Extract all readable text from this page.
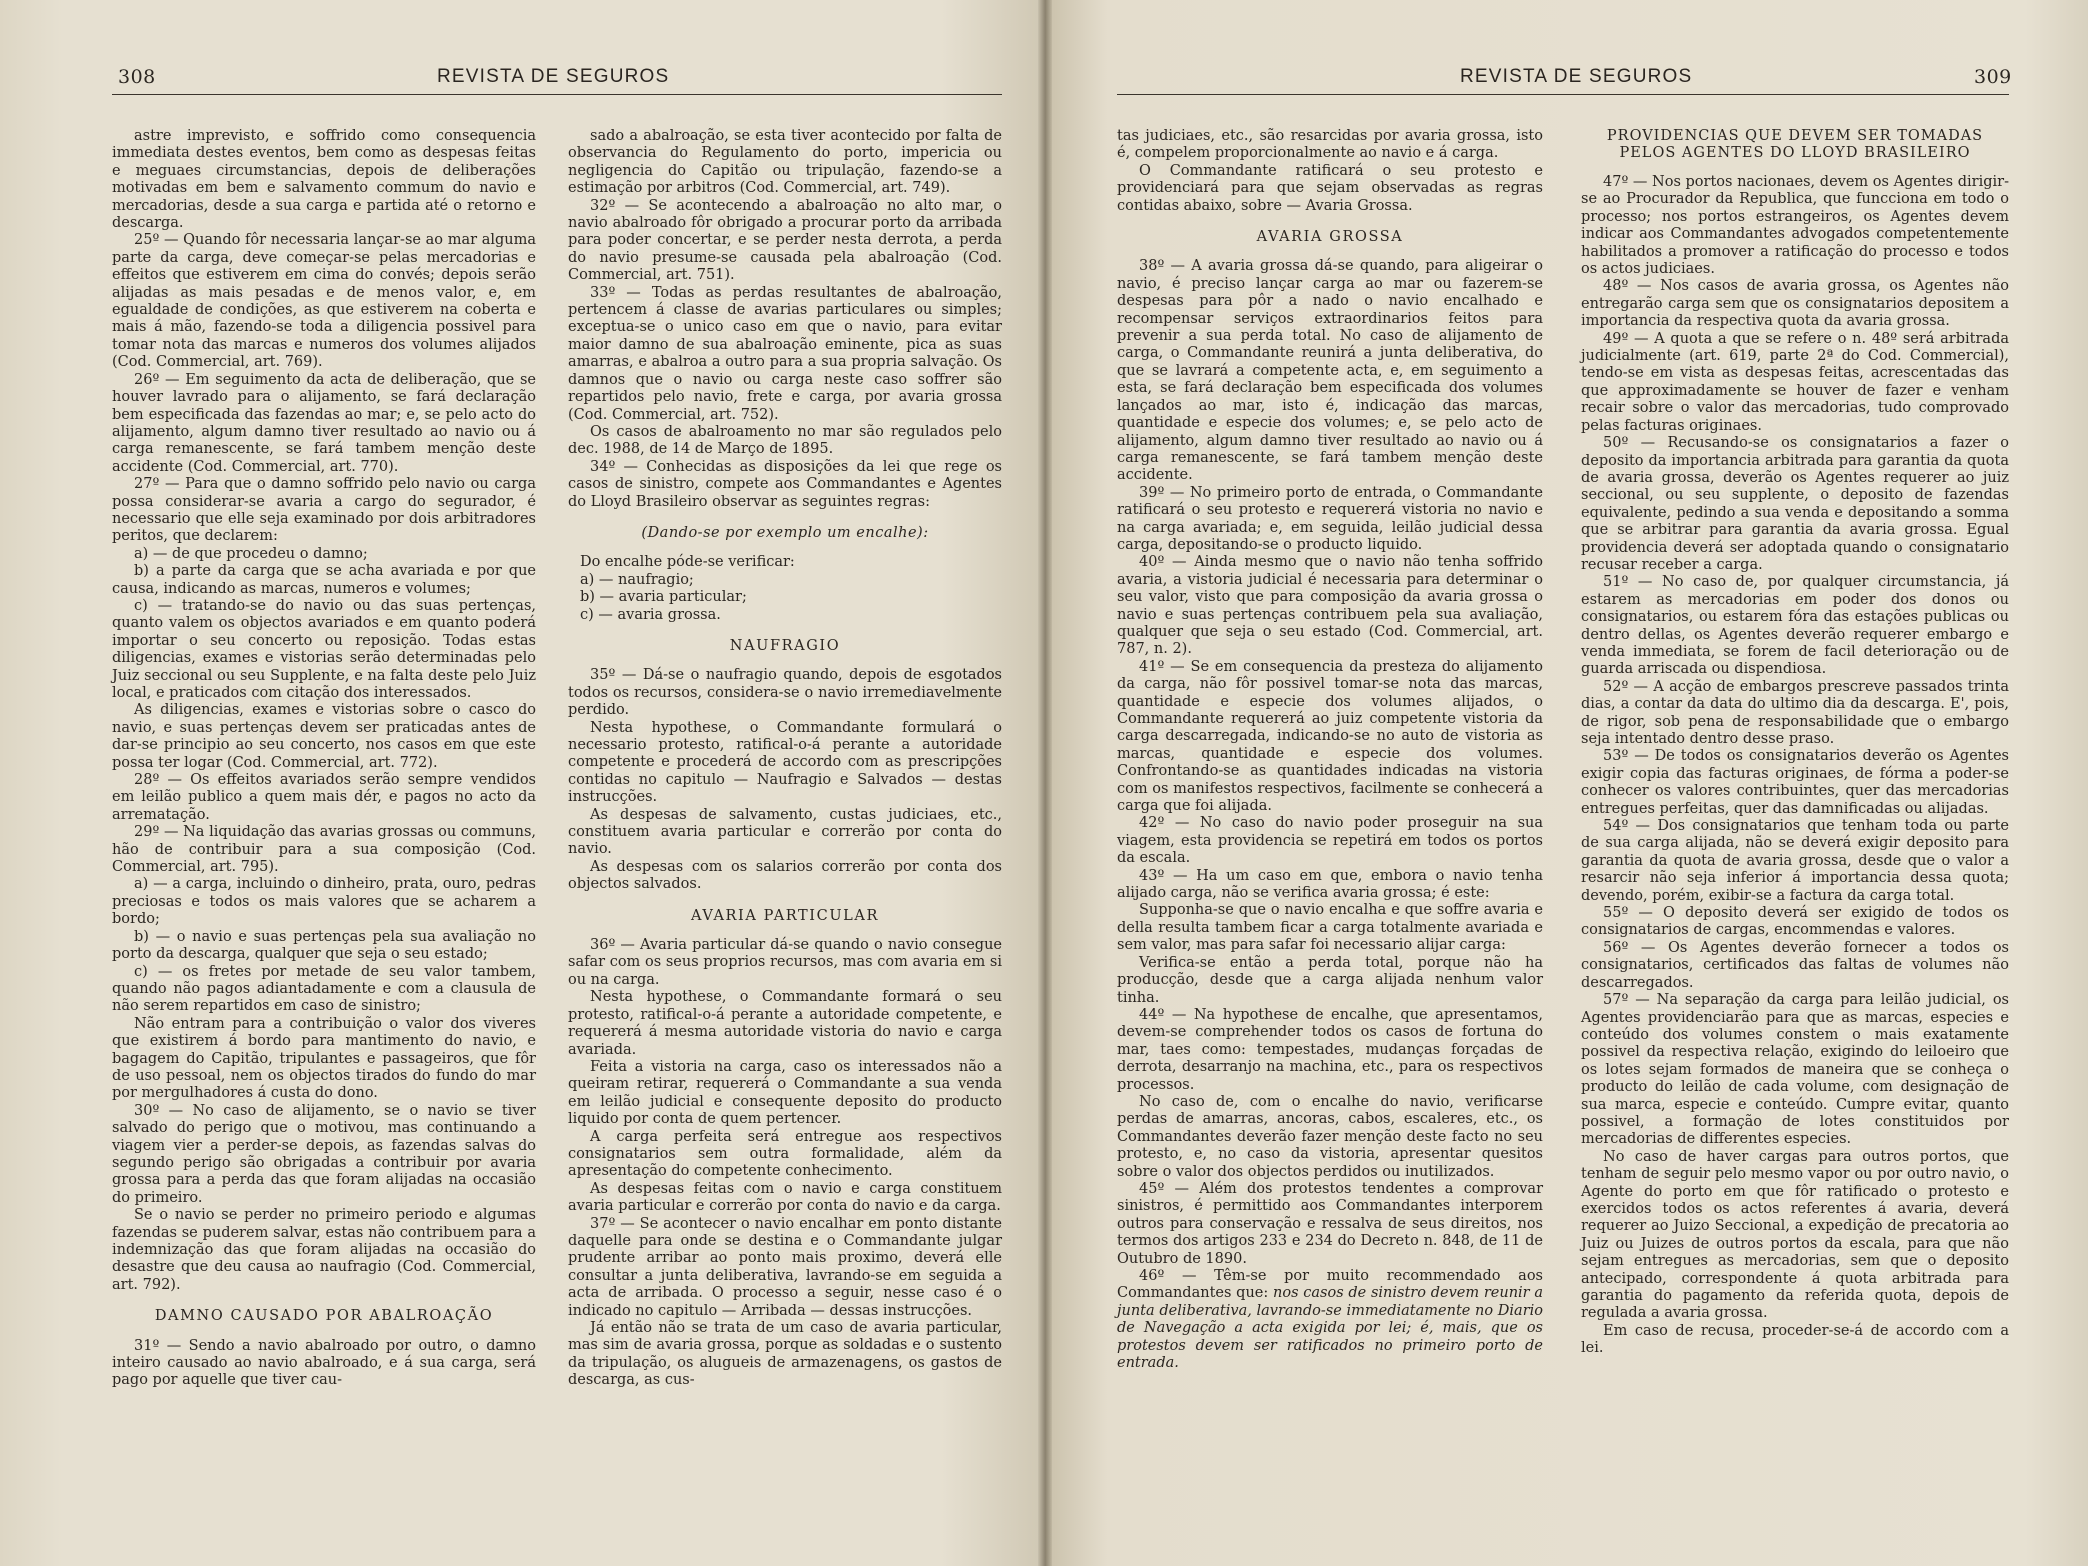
308	REVISTA DE SEGUROS

astre imprevisto, e soffrido como consequencia immediata destes eventos, bem como as despesas feitas e meguaes circumstancias, depois de deliberações motivadas em bem e salvamento commum do navio e mercadorias, desde a sua carga e partida até o retorno e descarga.

25º — Quando fôr necessaria lançar-se ao mar alguma parte da carga, deve começar-se pelas mercadorias e effeitos que estiverem em cima do convés; depois serão alijadas as mais pesadas e de menos valor, e, em egualdade de condições, as que estiverem na coberta e mais á mão, fazendo-se toda a diligencia possivel para tomar nota das marcas e numeros dos volumes alijados (Cod. Commercial, art. 769).

26º — Em seguimento da acta de deliberação, que se houver lavrado para o alijamento, se fará declaração bem especificada das fazendas ao mar; e, se pelo acto do alijamento, algum damno tiver resultado ao navio ou á carga remanescente, se fará tambem menção deste accidente (Cod. Commercial, art. 770).

27º — Para que o damno soffrido pelo navio ou carga possa considerar-se avaria a cargo do segurador, é necessario que elle seja examinado por dois arbitradores peritos, que declarem:

a) — de que procedeu o damno;

b) a parte da carga que se acha avariada e por que causa, indicando as marcas, numeros e volumes;

c) — tratando-se do navio ou das suas pertenças, quanto valem os objectos avariados e em quanto poderá importar o seu concerto ou reposição. Todas estas diligencias, exames e vistorias serão determinadas pelo Juiz seccional ou seu Supplente, e na falta deste pelo Juiz local, e praticados com citação dos interessados.

As diligencias, exames e vistorias sobre o casco do navio, e suas pertenças devem ser praticadas antes de dar-se principio ao seu concerto, nos casos em que este possa ter logar (Cod. Commercial, art. 772).

28º — Os effeitos avariados serão sempre vendidos em leilão publico a quem mais dér, e pagos no acto da arrematação.

29º — Na liquidação das avarias grossas ou communs, hão de contribuir para a sua composição (Cod. Commercial, art. 795).

a) — a carga, incluindo o dinheiro, prata, ouro, pedras preciosas e todos os mais valores que se acharem a bordo;

b) — o navio e suas pertenças pela sua avaliação no porto da descarga, qualquer que seja o seu estado;

c) — os fretes por metade de seu valor tambem, quando não pagos adiantadamente e com a clausula de não serem repartidos em caso de sinistro;

Não entram para a contribuição o valor dos viveres que existirem á bordo para mantimento do navio, e bagagem do Capitão, tripulantes e passageiros, que fôr de uso pessoal, nem os objectos tirados do fundo do mar por mergulhadores á custa do dono.

30º — No caso de alijamento, se o navio se tiver salvado do perigo que o motivou, mas continuando a viagem vier a perder-se depois, as fazendas salvas do segundo perigo são obrigadas a contribuir por avaria grossa para a perda das que foram alijadas na occasião do primeiro.

Se o navio se perder no primeiro periodo e algumas fazendas se puderem salvar, estas não contribuem para a indemnização das que foram alijadas na occasião do desastre que deu causa ao naufragio (Cod. Commercial, art. 792).

DAMNO CAUSADO POR ABALROAÇÃO

31º — Sendo a navio abalroado por outro, o damno inteiro causado ao navio abalroado, e á sua carga, será pago por aquelle que tiver cau-

sado a abalroação, se esta tiver acontecido por falta de observancia do Regulamento do porto, impericia ou negligencia do Capitão ou tripulação, fazendo-se a estimação por arbitros (Cod. Commercial, art. 749).

32º — Se acontecendo a abalroação no alto mar, o navio abalroado fôr obrigado a procurar porto da arribada para poder concertar, e se perder nesta derrota, a perda do navio presume-se causada pela abalroação (Cod. Commercial, art. 751).

33º — Todas as perdas resultantes de abalroação, pertencem á classe de avarias particulares ou simples; exceptua-se o unico caso em que o navio, para evitar maior damno de sua abalroação eminente, pica as suas amarras, e abalroa a outro para a sua propria salvação. Os damnos que o navio ou carga neste caso soffrer são repartidos pelo navio, frete e carga, por avaria grossa (Cod. Commercial, art. 752).

Os casos de abalroamento no mar são regulados pelo dec. 1988, de 14 de Março de 1895.

34º — Conhecidas as disposições da lei que rege os casos de sinistro, compete aos Commandantes e Agentes do Lloyd Brasileiro observar as seguintes regras:

(Dando-se por exemplo um encalhe):

Do encalhe póde-se verificar:

a) — naufragio;

b) — avaria particular;

c) — avaria grossa.

NAUFRAGIO

35º — Dá-se o naufragio quando, depois de esgotados todos os recursos, considera-se o navio irremediavelmente perdido.

Nesta hypothese, o Commandante formulará o necessario protesto, ratifical-o-á perante a autoridade competente e procederá de accordo com as prescripções contidas no capitulo — Naufragio e Salvados — destas instrucções.

As despesas de salvamento, custas judiciaes, etc., constituem avaria particular e correrão por conta do navio.

As despesas com os salarios correrão por conta dos objectos salvados.

AVARIA PARTICULAR

36º — Avaria particular dá-se quando o navio consegue safar com os seus proprios recursos, mas com avaria em si ou na carga.

Nesta hypothese, o Commandante formará o seu protesto, ratifical-o-á perante a autoridade competente, e requererá á mesma autoridade vistoria do navio e carga avariada.

Feita a vistoria na carga, caso os interessados não a queiram retirar, requererá o Commandante a sua venda em leilão judicial e consequente deposito do producto liquido por conta de quem pertencer.

A carga perfeita será entregue aos respectivos consignatarios sem outra formalidade, além da apresentação do competente conhecimento.

As despesas feitas com o navio e carga constituem avaria particular e correrão por conta do navio e da carga.

37º — Se acontecer o navio encalhar em ponto distante daquelle para onde se destina e o Commandante julgar prudente arribar ao ponto mais proximo, deverá elle consultar a junta deliberativa, lavrando-se em seguida a acta de arribada. O processo a seguir, nesse caso é o indicado no capitulo — Arribada — dessas instrucções.

Já então não se trata de um caso de avaria particular, mas sim de avaria grossa, porque as soldadas e o sustento da tripulação, os alugueis de armazenagens, os gastos de descarga, as cus-

REVISTA DE SEGUROS	309

tas judiciaes, etc., são resarcidas por avaria grossa, isto é, compelem proporcionalmente ao navio e á carga.

O Commandante ratificará o seu protesto e providenciará para que sejam observadas as regras contidas abaixo, sobre — Avaria Grossa.

AVARIA GROSSA

38º — A avaria grossa dá-se quando, para aligeirar o navio, é preciso lançar carga ao mar ou fazerem-se despesas para pôr a nado o navio encalhado e recompensar serviços extraordinarios feitos para prevenir a sua perda total. No caso de alijamento de carga, o Commandante reunirá a junta deliberativa, do que se lavrará a competente acta, e, em seguimento a esta, se fará declaração bem especificada dos volumes lançados ao mar, isto é, indicação das marcas, quantidade e especie dos volumes; e, se pelo acto de alijamento, algum damno tiver resultado ao navio ou á carga remanescente, se fará tambem menção deste accidente.

39º — No primeiro porto de entrada, o Commandante ratificará o seu protesto e requererá vistoria no navio e na carga avariada; e, em seguida, leilão judicial dessa carga, depositando-se o producto liquido.

40º — Ainda mesmo que o navio não tenha soffrido avaria, a vistoria judicial é necessaria para determinar o seu valor, visto que para composição da avaria grossa o navio e suas pertenças contribuem pela sua avaliação, qualquer que seja o seu estado (Cod. Commercial, art. 787, n. 2).

41º — Se em consequencia da presteza do alijamento da carga, não fôr possivel tomar-se nota das marcas, quantidade e especie dos volumes alijados, o Commandante requererá ao juiz competente vistoria da carga descarregada, indicando-se no auto de vistoria as marcas, quantidade e especie dos volumes. Confrontando-se as quantidades indicadas na vistoria com os manifestos respectivos, facilmente se conhecerá a carga que foi alijada.

42º — No caso do navio poder proseguir na sua viagem, esta providencia se repetirá em todos os portos da escala.

43º — Ha um caso em que, embora o navio tenha alijado carga, não se verifica avaria grossa; é este:

Supponha-se que o navio encalha e que soffre avaria e della resulta tambem ficar a carga totalmente avariada e sem valor, mas para safar foi necessario alijar carga:

Verifica-se então a perda total, porque não ha producção, desde que a carga alijada nenhum valor tinha.

44º — Na hypothese de encalhe, que apresentamos, devem-se comprehender todos os casos de fortuna do mar, taes como: tempestades, mudanças forçadas de derrota, desarranjo na machina, etc., para os respectivos processos.

No caso de, com o encalhe do navio, verificarse perdas de amarras, ancoras, cabos, escaleres, etc., os Commandantes deverão fazer menção deste facto no seu protesto, e, no caso da vistoria, apresentar quesitos sobre o valor dos objectos perdidos ou inutilizados.

45º — Além dos protestos tendentes a comprovar sinistros, é permittido aos Commandantes interporem outros para conservação e ressalva de seus direitos, nos termos dos artigos 233 e 234 do Decreto n. 848, de 11 de Outubro de 1890.

46º — Têm-se por muito recommendado aos Commandantes que: nos casos de sinistro devem reunir a junta deliberativa, lavrando-se immediatamente no Diario de Navegação a acta exigida por lei; é, mais, que os protestos devem ser ratificados no primeiro porto de entrada.

PROVIDENCIAS QUE DEVEM SER TOMADAS PELOS AGENTES DO LLOYD BRASILEIRO

47º — Nos portos nacionaes, devem os Agentes dirigir-se ao Procurador da Republica, que funcciona em todo o processo; nos portos estrangeiros, os Agentes devem indicar aos Commandantes advogados competentemente habilitados a promover a ratificação do processo e todos os actos judiciaes.

48º — Nos casos de avaria grossa, os Agentes não entregarão carga sem que os consignatarios depositem a importancia da respectiva quota da avaria grossa.

49º — A quota a que se refere o n. 48º será arbitrada judicialmente (art. 619, parte 2ª do Cod. Commercial), tendo-se em vista as despesas feitas, acrescentadas das que approximadamente se houver de fazer e venham recair sobre o valor das mercadorias, tudo comprovado pelas facturas originaes.

50º — Recusando-se os consignatarios a fazer o deposito da importancia arbitrada para garantia da quota de avaria grossa, deverão os Agentes requerer ao juiz seccional, ou seu supplente, o deposito de fazendas equivalente, pedindo a sua venda e depositando a somma que se arbitrar para garantia da avaria grossa. Egual providencia deverá ser adoptada quando o consignatario recusar receber a carga.

51º — No caso de, por qualquer circumstancia, já estarem as mercadorias em poder dos donos ou consignatarios, ou estarem fóra das estações publicas ou dentro dellas, os Agentes deverão requerer embargo e venda immediata, se forem de facil deterioração ou de guarda arriscada ou dispendiosa.

52º — A acção de embargos prescreve passados trinta dias, a contar da data do ultimo dia da descarga. E', pois, de rigor, sob pena de responsabilidade que o embargo seja intentado dentro desse praso.

53º — De todos os consignatarios deverão os Agentes exigir copia das facturas originaes, de fórma a poder-se conhecer os valores contribuintes, quer das mercadorias entregues perfeitas, quer das damnificadas ou alijadas.

54º — Dos consignatarios que tenham toda ou parte de sua carga alijada, não se deverá exigir deposito para garantia da quota de avaria grossa, desde que o valor a resarcir não seja inferior á importancia dessa quota; devendo, porém, exibir-se a factura da carga total.

55º — O deposito deverá ser exigido de todos os consignatarios de cargas, encommendas e valores.

56º — Os Agentes deverão fornecer a todos os consignatarios, certificados das faltas de volumes não descarregados.

57º — Na separação da carga para leilão judicial, os Agentes providenciarão para que as marcas, especies e conteúdo dos volumes constem o mais exatamente possivel da respectiva relação, exigindo do leiloeiro que os lotes sejam formados de maneira que se conheça o producto do leilão de cada volume, com designação de sua marca, especie e conteúdo. Cumpre evitar, quanto possivel, a formação de lotes constituidos por mercadorias de differentes especies.

No caso de haver cargas para outros portos, que tenham de seguir pelo mesmo vapor ou por outro navio, o Agente do porto em que fôr ratificado o protesto e exercidos todos os actos referentes á avaria, deverá requerer ao Juizo Seccional, a expedição de precatoria ao Juiz ou Juizes de outros portos da escala, para que não sejam entregues as mercadorias, sem que o deposito antecipado, correspondente á quota arbitrada para garantia do pagamento da referida quota, depois de regulada a avaria grossa.

Em caso de recusa, proceder-se-á de accordo com a lei.
